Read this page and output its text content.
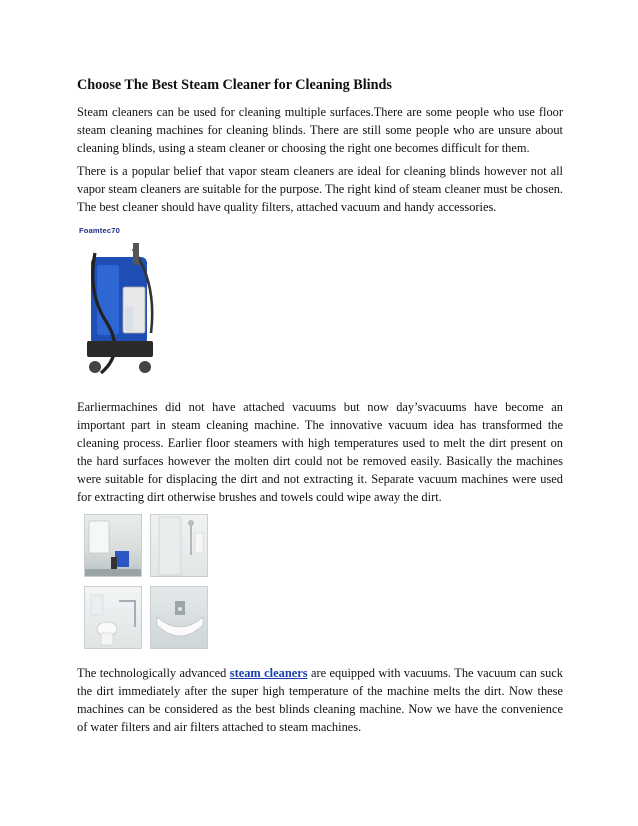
Choose The Best Steam Cleaner for Cleaning Blinds

Steam cleaners can be used for cleaning multiple surfaces.There are some people who use floor steam cleaning machines for cleaning blinds. There are still some people who are unsure about cleaning blinds, using a steam cleaner or choosing the right one becomes difficult for them.

There is a popular belief that vapor steam cleaners are ideal for cleaning blinds however not all vapor steam cleaners are suitable for the purpose. The right kind of steam cleaner must be chosen. The best cleaner should have quality filters, attached vacuum and handy accessories.

Foamtec70

Earliermachines did not have attached vacuums but now day’svacuums have become an important part in steam cleaning machine. The innovative vacuum idea has transformed the cleaning process. Earlier floor steamers with high temperatures used to melt the dirt present on the hard surfaces however the molten dirt could not be removed easily. Basically the machines were suitable for displacing the dirt and not extracting it. Separate vacuum machines were used for extracting dirt otherwise brushes and towels could wipe away the dirt.

The technologically advanced steam cleaners are equipped with vacuums. The vacuum can suck the dirt immediately after the super high temperature of the machine melts the dirt. Now these machines can be considered as the best blinds cleaning machine. Now we have the convenience of water filters and air filters attached to steam machines.
